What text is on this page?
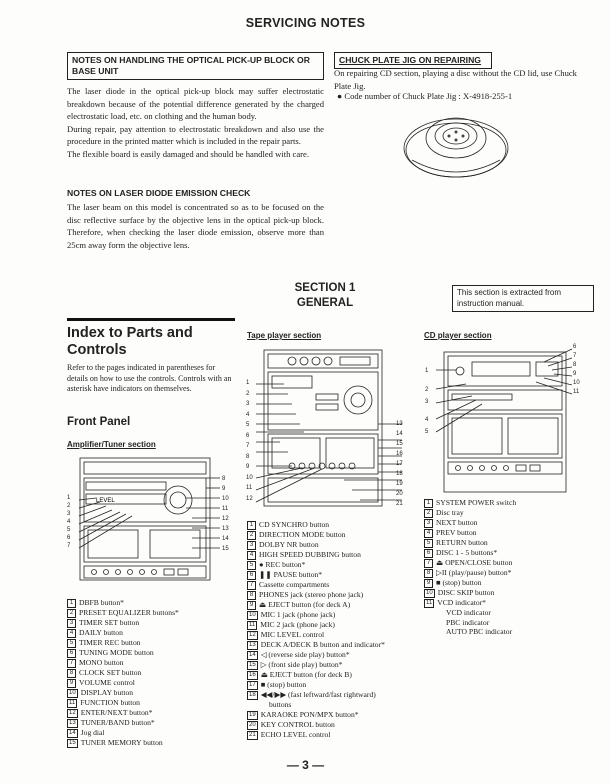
SERVICING NOTES
NOTES ON HANDLING THE OPTICAL PICK-UP BLOCK OR BASE UNIT
The laser diode in the optical pick-up block may suffer electrostatic breakdown because of the potential difference generated by the charged electrostatic load, etc. on clothing and the human body.
During repair, pay attention to electrostatic breakdown and also use the procedure in the printed matter which is included in the repair parts.
The flexible board is easily damaged and should be handled with care.
NOTES ON LASER DIODE EMISSION CHECK
The laser beam on this model is concentrated so as to be focused on the disc reflective surface by the objective lens in the optical pick-up block. Therefore, when checking the laser diode emission, observe more than 25cm away form the objective lens.
CHUCK PLATE JIG ON REPAIRING
On repairing CD section, playing a disc without the CD lid, use Chuck Plate Jig.
● Code number of Chuck Plate Jig : X-4918-255-1
SECTION 1
GENERAL
This section is extracted from instruction manual.
Index to Parts and Controls
Refer to the pages indicated in parentheses for details on how to use the controls. Controls with an asterisk have indicators on themselves.
Front Panel
Amplifier/Tuner section
LEVEL
1
2
3
4
5
6
7
8
9
10
11
12
13
14
15
1 DBFB button*
2 PRESET EQUALIZER buttons*
3 TIMER SET button
4 DAILY button
5 TIMER REC button
6 TUNING MODE button
7 MONO button
8 CLOCK SET button
9 VOLUME control
10 DISPLAY button
11 FUNCTION button
12 ENTER/NEXT button*
13 TUNER/BAND button*
14 Jog dial
15 TUNER MEMORY button
Tape player section
1
2
3
4
5
6
7
8
9
10
11
12
13
14
15
16
17
18
19
20
21
1 CD SYNCHRO button
2 DIRECTION MODE button
3 DOLBY NR button
4 HIGH SPEED DUBBING button
5 ● REC button*
6 ❚❚ PAUSE button*
7 Cassette compartments
8 PHONES jack (stereo phone jack)
9 ⏏ EJECT button (for deck A)
10 MIC 1 jack (phone jack)
11 MIC 2 jack (phone jack)
12 MIC LEVEL control
13 DECK A/DECK B button and indicator*
14 ◁ (reverse side play) button*
15 ▷ (front side play) button*
16 ⏏ EJECT button (for deck B)
17 ■ (stop) button
18 ◀◀/▶▶ (fast leftward/fast rightward)
buttons
19 KARAOKE PON/MPX button*
20 KEY CONTROL button
21 ECHO LEVEL control
CD player section
1
2
3
4
5
6
7
8
9
10
11
1 SYSTEM POWER switch
2 Disc tray
3 NEXT button
4 PREV button
5 RETURN button
6 DISC 1 - 5 buttons*
7 ⏏ OPEN/CLOSE button
8 ▷II (play/pause) button*
9 ■ (stop) button
10 DISC SKIP button
11 VCD indicator*
VCD indicator
PBC indicator
AUTO PBC indicator
— 3 —
